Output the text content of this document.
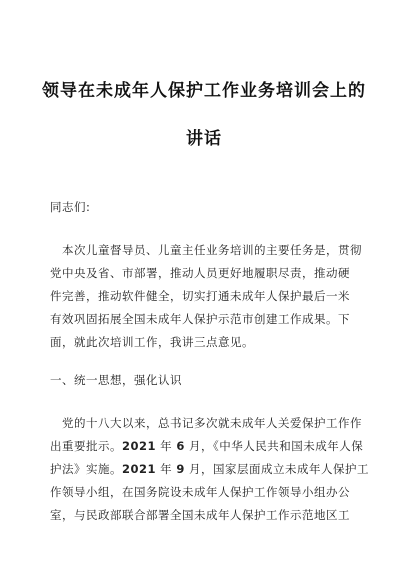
领导在未成年人保护工作业务培训会上的
讲话
同志们:
本次儿童督导员、儿童主任业务培训的主要任务是，贯彻
党中央及省、市部署，推动人员更好地履职尽责，推动硬
件完善，推动软件健全，切实打通未成年人保护最后一米
有效巩固拓展全国未成年人保护示范市创建工作成果。下
面，就此次培训工作，我讲三点意见。
一、统一思想，强化认识
党的十八大以来，总书记多次就未成年人关爱保护工作作
出重要批示。2021 年 6 月，《中华人民共和国未成年人保
护法》实施。2021 年 9 月，国家层面成立未成年人保护工
作领导小组，在国务院设未成年人保护工作领导小组办公
室，与民政部联合部署全国未成年人保护工作示范地区工
